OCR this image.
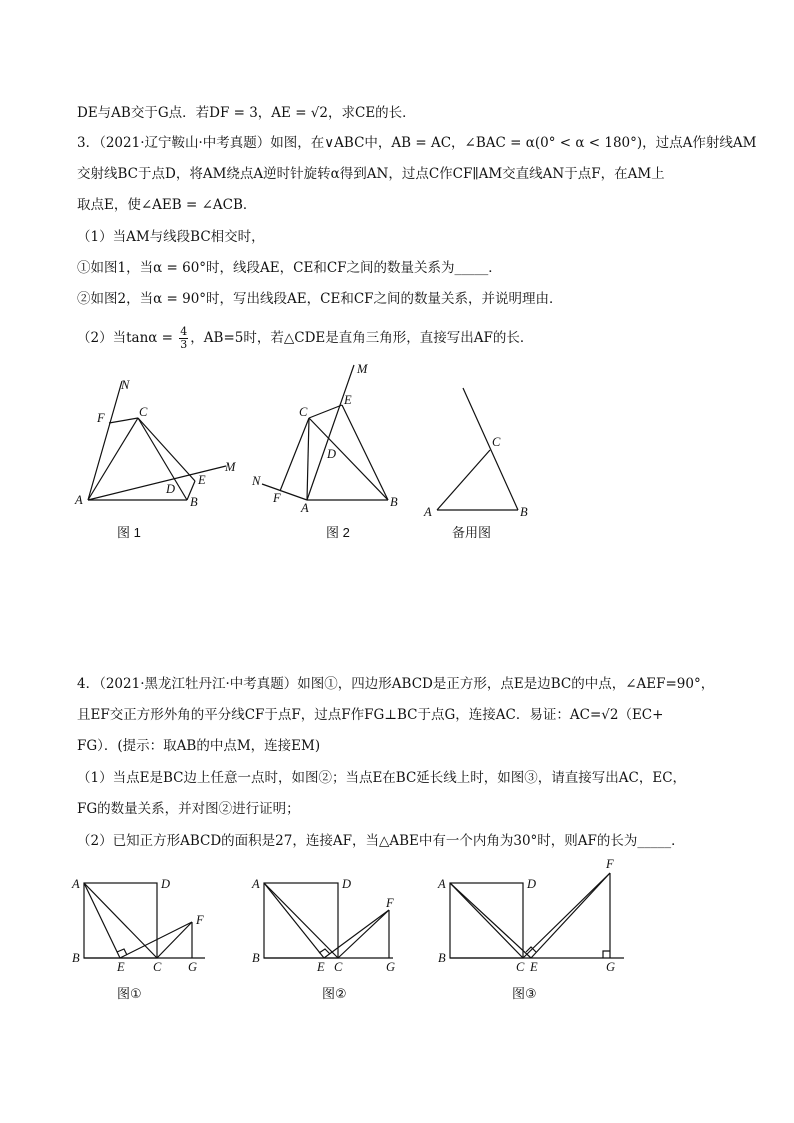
DE与AB交于G点．若DF = 3，AE = √2，求CE的长．
3．（2021·辽宁鞍山·中考真题）如图，在∨ABC中，AB = AC，∠BAC = α(0° < α < 180°)，过点A作射线AM
交射线BC于点D，将AM绕点A逆时针旋转α得到AN，过点C作CF∥AM交直线AN于点F，在AM上
取点E，使∠AEB = ∠ACB．
（1）当AM与线段BC相交时，
①如图1，当α = 60°时，线段AE，CE和CF之间的数量关系为_____．
②如图2，当α = 90°时，写出线段AE，CE和CF之间的数量关系，并说明理由．
（2）当$\tan\alpha = \frac{4}{3}$ ，AB=5时，若△CDE是直角三角形，直接写出AF的长．
N
F	C
M
E
D
A	B
M
C
E
D
N
F
A	B
C
A	B
图 1	图 2	备用图
4．（2021·黑龙江牡丹江·中考真题）如图①，四边形ABCD是正方形，点E是边BC的中点，∠AEF=90°，
且EF交正方形外角的平分线CF于点F，过点F作FG⊥BC于点G，连接AC．易证：AC=√2（EC+
FG）．(提示：取AB的中点M，连接EM)
（1）当点E是BC边上任意一点时，如图②；当点E在BC延长线上时，如图③，请直接写出AC，EC，
FG的数量关系，并对图②进行证明；
（2）已知正方形ABCD的面积是27，连接AF，当△ABE中有一个内角为30°时，则AF的长为_____．
A	D
F
B
E C G
A	D
F
B
E C	G
A	D
F
B
C E	G
图①	图②	图③
